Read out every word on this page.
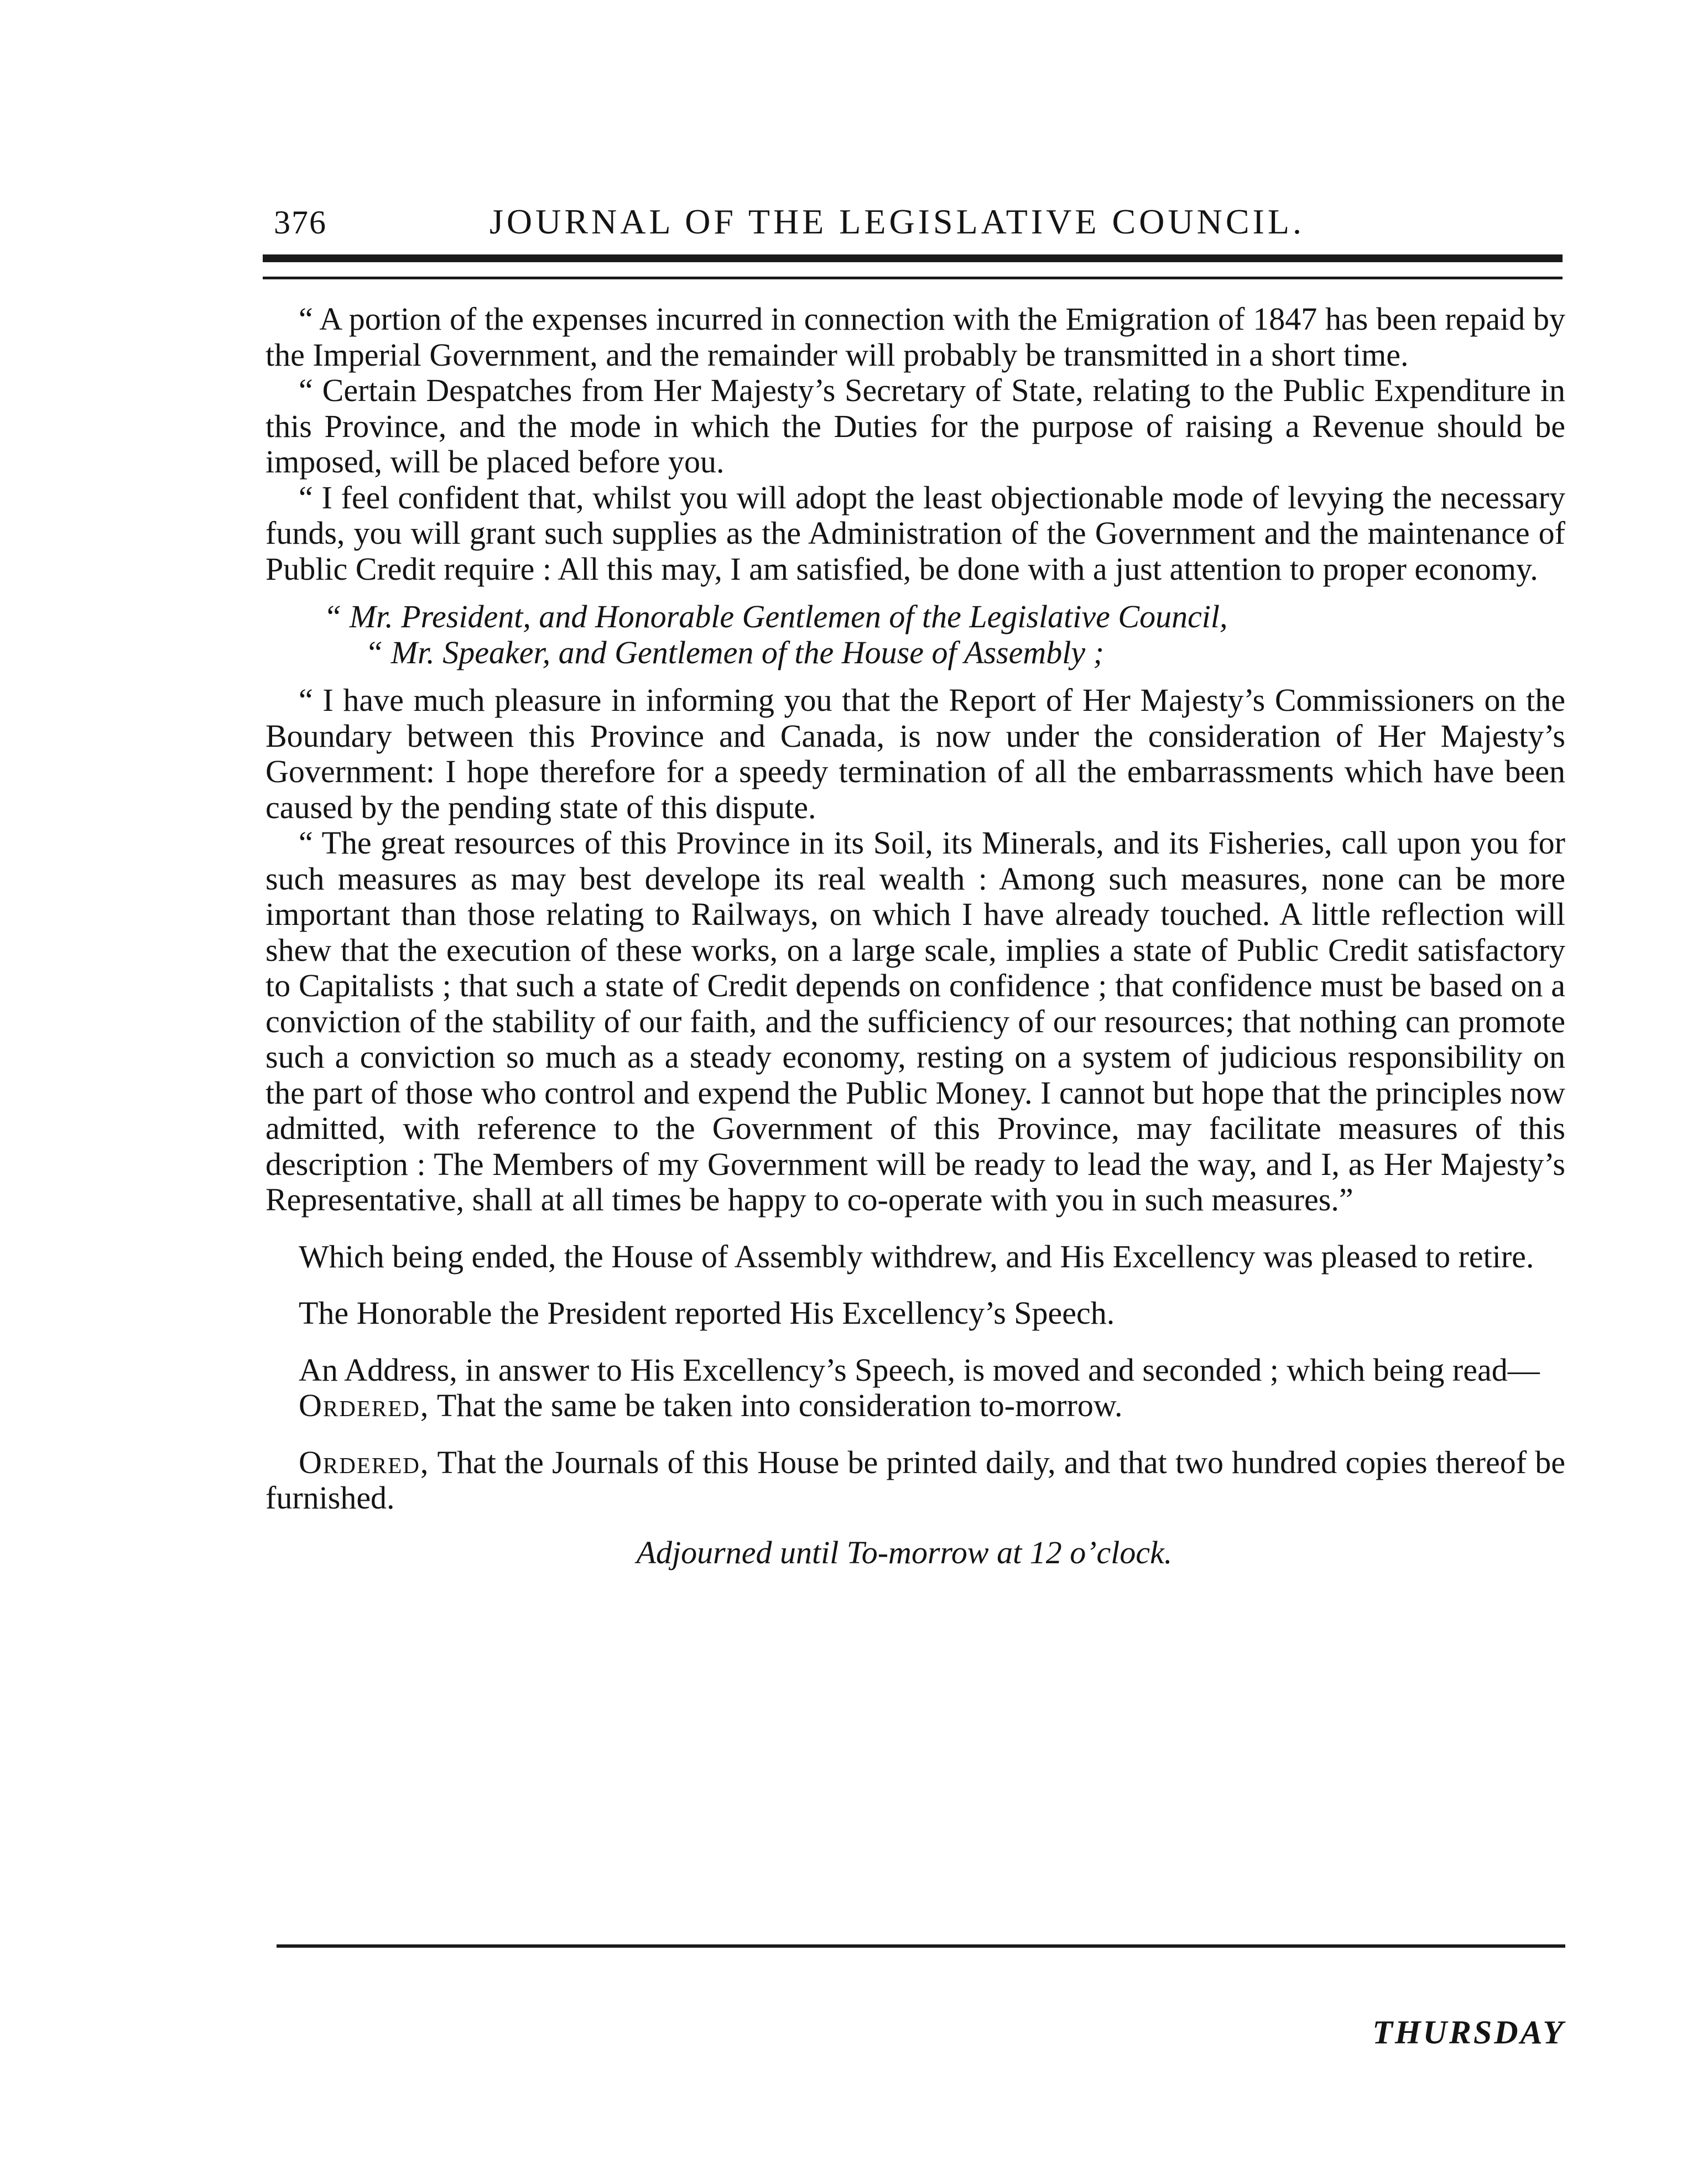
376	JOURNAL OF THE LEGISLATIVE COUNCIL.

“ A portion of the expenses incurred in connection with the Emigration of 1847 has been repaid by the Imperial Government, and the remainder will probably be transmitted in a short time.

“ Certain Despatches from Her Majesty’s Secretary of State, relating to the Public Expenditure in this Province, and the mode in which the Duties for the purpose of raising a Revenue should be imposed, will be placed before you.

“ I feel confident that, whilst you will adopt the least objectionable mode of levying the necessary funds, you will grant such supplies as the Administration of the Government and the maintenance of Public Credit require : All this may, I am satisfied, be done with a just attention to proper economy.

“ Mr. President, and Honorable Gentlemen of the Legislative Council,
“ Mr. Speaker, and Gentlemen of the House of Assembly ;

“ I have much pleasure in informing you that the Report of Her Majesty’s Commissioners on the Boundary between this Province and Canada, is now under the consideration of Her Majesty’s Government: I hope therefore for a speedy termination of all the embarrassments which have been caused by the pending state of this dispute.

“ The great resources of this Province in its Soil, its Minerals, and its Fisheries, call upon you for such measures as may best develope its real wealth : Among such measures, none can be more important than those relating to Railways, on which I have already touched. A little reflection will shew that the execution of these works, on a large scale, implies a state of Public Credit satisfactory to Capitalists ; that such a state of Credit depends on confidence ; that confidence must be based on a conviction of the stability of our faith, and the sufficiency of our resources; that nothing can promote such a conviction so much as a steady economy, resting on a system of judicious responsibility on the part of those who control and expend the Public Money. I cannot but hope that the principles now admitted, with reference to the Government of this Province, may facilitate measures of this description : The Members of my Government will be ready to lead the way, and I, as Her Majesty’s Representative, shall at all times be happy to co-operate with you in such measures.”

Which being ended, the House of Assembly withdrew, and His Excellency was pleased to retire.

The Honorable the President reported His Excellency’s Speech.

An Address, in answer to His Excellency’s Speech, is moved and seconded ; which being read—

Ordered, That the same be taken into consideration to-morrow.

Ordered, That the Journals of this House be printed daily, and that two hundred copies thereof be furnished.

Adjourned until To-morrow at 12 o’clock.

THURSDAY
